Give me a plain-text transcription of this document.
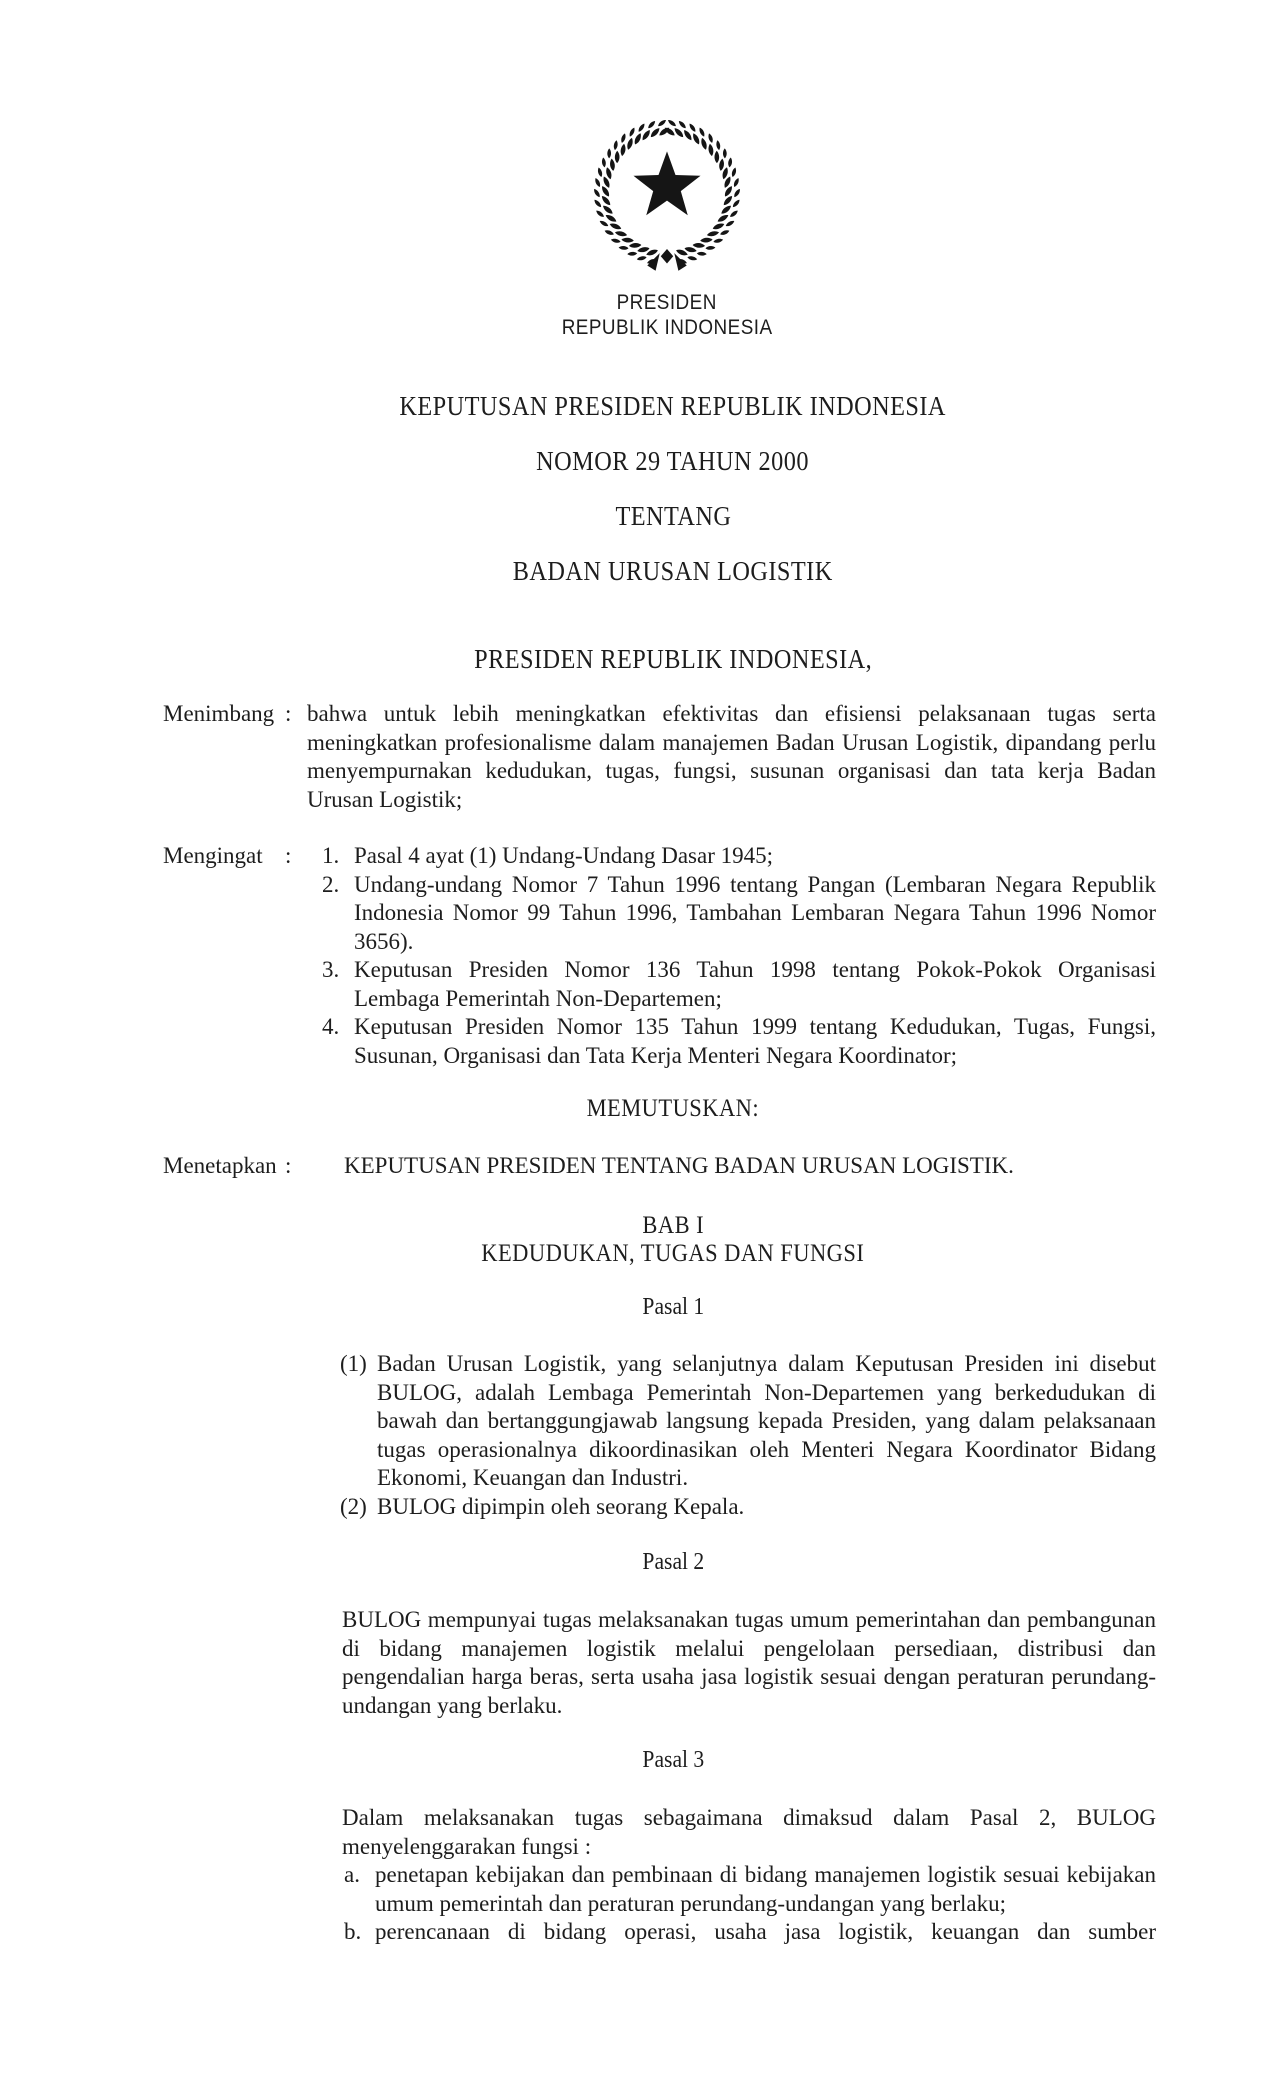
PRESIDEN
REPUBLIK INDONESIA
KEPUTUSAN PRESIDEN REPUBLIK INDONESIA
NOMOR 29 TAHUN 2000
TENTANG
BADAN URUSAN LOGISTIK
PRESIDEN REPUBLIK INDONESIA,
Menimbang : bahwa untuk lebih meningkatkan efektivitas dan efisiensi pelaksanaan tugas serta meningkatkan profesionalisme dalam manajemen Badan Urusan Logistik, dipandang perlu menyempurnakan kedudukan, tugas, fungsi, susunan organisasi dan tata kerja Badan Urusan Logistik;
Mengingat :	1. Pasal 4 ayat (1) Undang-Undang Dasar 1945;
2. Undang-undang Nomor 7 Tahun 1996 tentang Pangan (Lembaran Negara Republik Indonesia Nomor 99 Tahun 1996, Tambahan Lembaran Negara Tahun 1996 Nomor 3656).
3. Keputusan Presiden Nomor 136 Tahun 1998 tentang Pokok-Pokok Organisasi Lembaga Pemerintah Non-Departemen;
4. Keputusan Presiden Nomor 135 Tahun 1999 tentang Kedudukan, Tugas, Fungsi, Susunan, Organisasi dan Tata Kerja Menteri Negara Koordinator;
MEMUTUSKAN:
Menetapkan :	KEPUTUSAN PRESIDEN TENTANG BADAN URUSAN LOGISTIK.
BAB I
KEDUDUKAN, TUGAS DAN FUNGSI
Pasal 1
(1) Badan Urusan Logistik, yang selanjutnya dalam Keputusan Presiden ini disebut BULOG, adalah Lembaga Pemerintah Non-Departemen yang berkedudukan di bawah dan bertanggungjawab langsung kepada Presiden, yang dalam pelaksanaan tugas operasionalnya dikoordinasikan oleh Menteri Negara Koordinator Bidang Ekonomi, Keuangan dan Industri.
(2) BULOG dipimpin oleh seorang Kepala.
Pasal 2
BULOG mempunyai tugas melaksanakan tugas umum pemerintahan dan pembangunan di bidang manajemen logistik melalui pengelolaan persediaan, distribusi dan pengendalian harga beras, serta usaha jasa logistik sesuai dengan peraturan perundang-undangan yang berlaku.
Pasal 3
Dalam melaksanakan tugas sebagaimana dimaksud dalam Pasal 2, BULOG menyelenggarakan fungsi :
a. penetapan kebijakan dan pembinaan di bidang manajemen logistik sesuai kebijakan umum pemerintah dan peraturan perundang-undangan yang berlaku;
b. perencanaan di bidang operasi, usaha jasa logistik, keuangan dan sumber
